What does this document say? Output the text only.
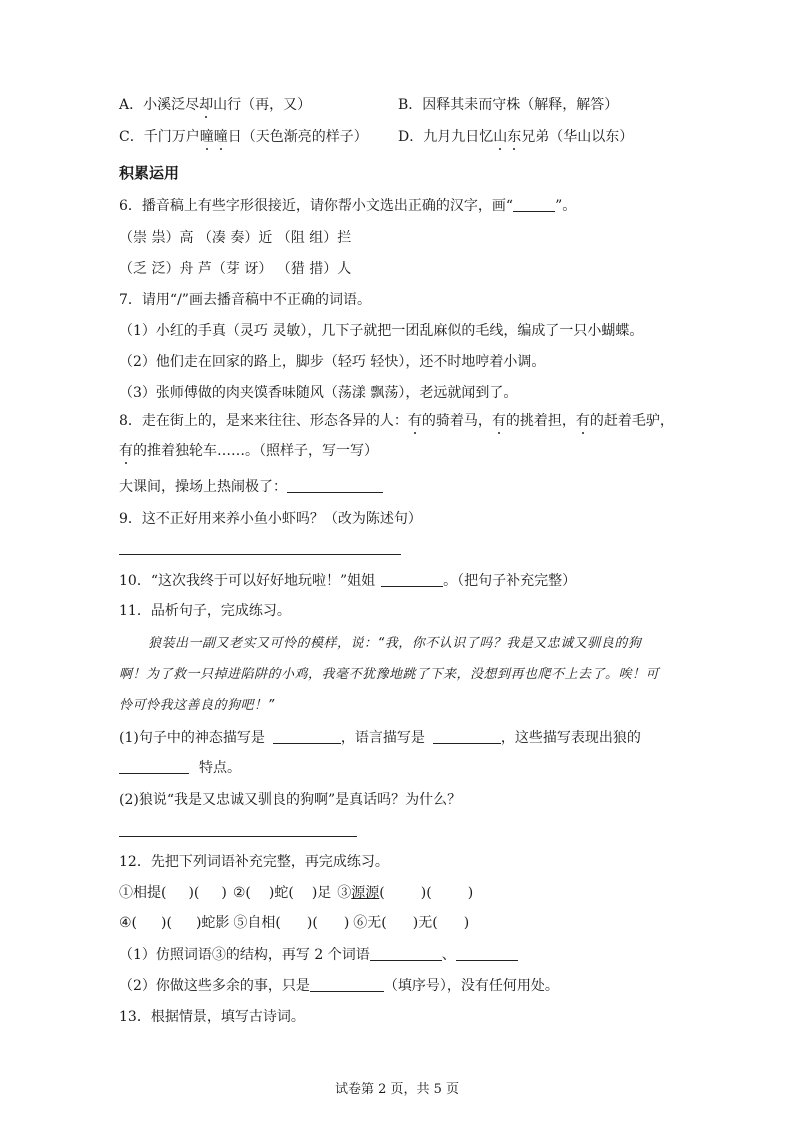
A．小溪泛尽却山行（再，又）	B．因释其耒而守株（解释，解答）
C．千门万户曈曈日（天色渐亮的样子） D．九月九日忆山东兄弟（华山以东）
积累运用
6．播音稿上有些字形很接近，请你帮小文选出正确的汉字，画“	”。
（崇 祟）高 （凑 奏）近 （阻 组）拦
（乏 泛）舟 芦（芽 讶） （猎 措）人
7．请用“/”画去播音稿中不正确的词语。
（1）小红的手真（灵巧 灵敏），几下子就把一团乱麻似的毛线，编成了一只小蝴蝶。
（2）他们走在回家的路上，脚步（轻巧 轻快），还不时地哼着小调。
（3）张师傅做的肉夹馍香味随风（荡漾 飘荡），老远就闻到了。
8．走在街上的，是来来往往、形态各异的人：有的骑着马，有的挑着担，有的赶着毛驴，
有的推着独轮车……。（照样子，写一写）
大课间，操场上热闹极了：
9．这不正好用来养小鱼小虾吗？（改为陈述句）
10．“这次我终于可以好好地玩啦！”姐姐	。（把句子补充完整）
11．品析句子，完成练习。
狼装出一副又老实又可怜的模样，说：“我，你不认识了吗？我是又忠诚又驯良的狗
啊！为了救一只掉进陷阱的小鸡，我毫不犹豫地跳了下来，没想到再也爬不上去了。唉！可
怜可怜我这善良的狗吧！”
(1)句子中的神态描写是	，语言描写是	，这些描写表现出狼的
特点。
(2)狼说“我是又忠诚又驯良的狗啊”是真话吗？为什么？
12．先把下列词语补充完整，再完成练习。
①相提( )( ) ②( )蛇( )足 ③源源(	)(	)
④( )( )蛇影 ⑤自相( )( ) ⑥无( )无( )
（1）仿照词语③的结构，再写 2 个词语	、
（2）你做这些多余的事，只是	（填序号），没有任何用处。
13．根据情景，填写古诗词。
试卷第 2 页，共 5 页
